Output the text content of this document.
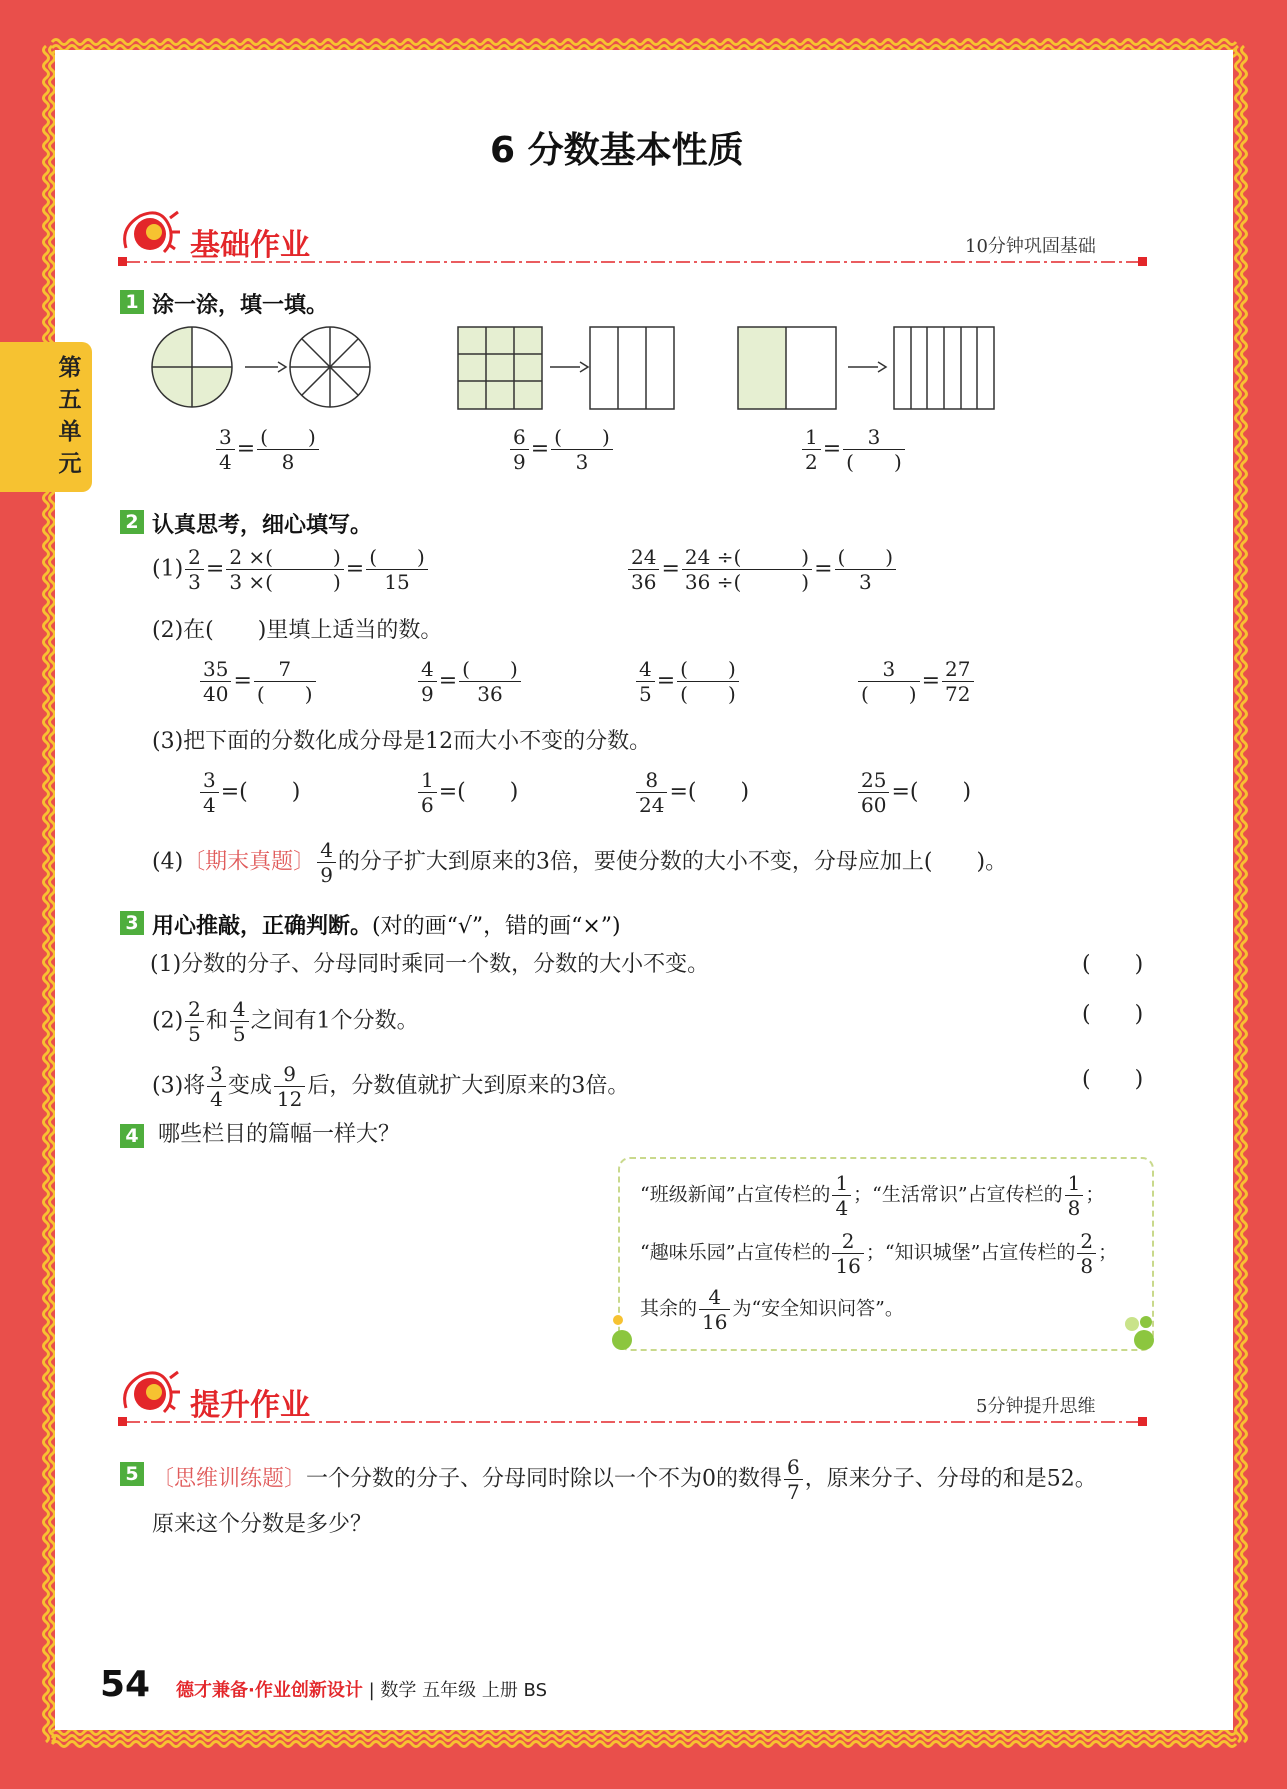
第五单元
6 分数基本性质
基础作业	10分钟巩固基础
1 涂一涂，填一填。
$\frac{3}{4} = \frac{( )}{8}$	$\frac{6}{9} = \frac{( )}{3}$	$\frac{1}{2} = \frac{3}{( )}$
2 认真思考，细心填写。
$(1) \frac{2}{3} = \frac{2 \times( )}{3 \times( )} = \frac{( )}{15}$	$\frac{24}{36} = \frac{24 \div( )}{36 \div( )} = \frac{( )}{3}$
(2)在(　　)里填上适当的数。
$\frac{35}{40} = \frac{7}{( )}$	$\frac{4}{9} = \frac{( )}{36}$	$\frac{4}{5} = \frac{( )}{( )}$	$\frac{3}{( )} = \frac{27}{72}$
(3)把下面的分数化成分母是12而大小不变的分数。
$\frac{3}{4}$ =(　　)	$\frac{1}{6}$ =(　　)	$\frac{8}{24}$ =(　　)	$\frac{25}{60}$ =(　　)
(4)〔期末真题〕 $\frac{4}{9}$ 的分子扩大到原来的3倍，要使分数的大小不变，分母应加上(　　)。
3 用心推敲，正确判断。(对的画“√”，错的画“×”)
(1)分数的分子、分母同时乘同一个数，分数的大小不变。	(　　)
$(2) \frac{2}{5}$ 和 $\frac{4}{5}$ 之间有1个分数。	(　　)
(3)将 $\frac{3}{4}$ 变成 $\frac{9}{12}$ 后，分数值就扩大到原来的3倍。	(　　)
4 哪些栏目的篇幅一样大？
“班级新闻”占宣传栏的 $\frac{1}{4}$ ；“生活常识”占宣传栏的 $\frac{1}{8}$ ；
“趣味乐园”占宣传栏的 $\frac{2}{16}$ ；“知识城堡”占宣传栏的 $\frac{2}{8}$ ；
其余的 $\frac{4}{16}$ 为“安全知识问答”。
提升作业	5分钟提升思维
5 〔思维训练题〕一个分数的分子、分母同时除以一个不为0的数得 $\frac{6}{7}$ ，原来分子、分母的和是52。
原来这个分数是多少？
54 德才兼备·作业创新设计 | 数学 五年级 上册 BS
